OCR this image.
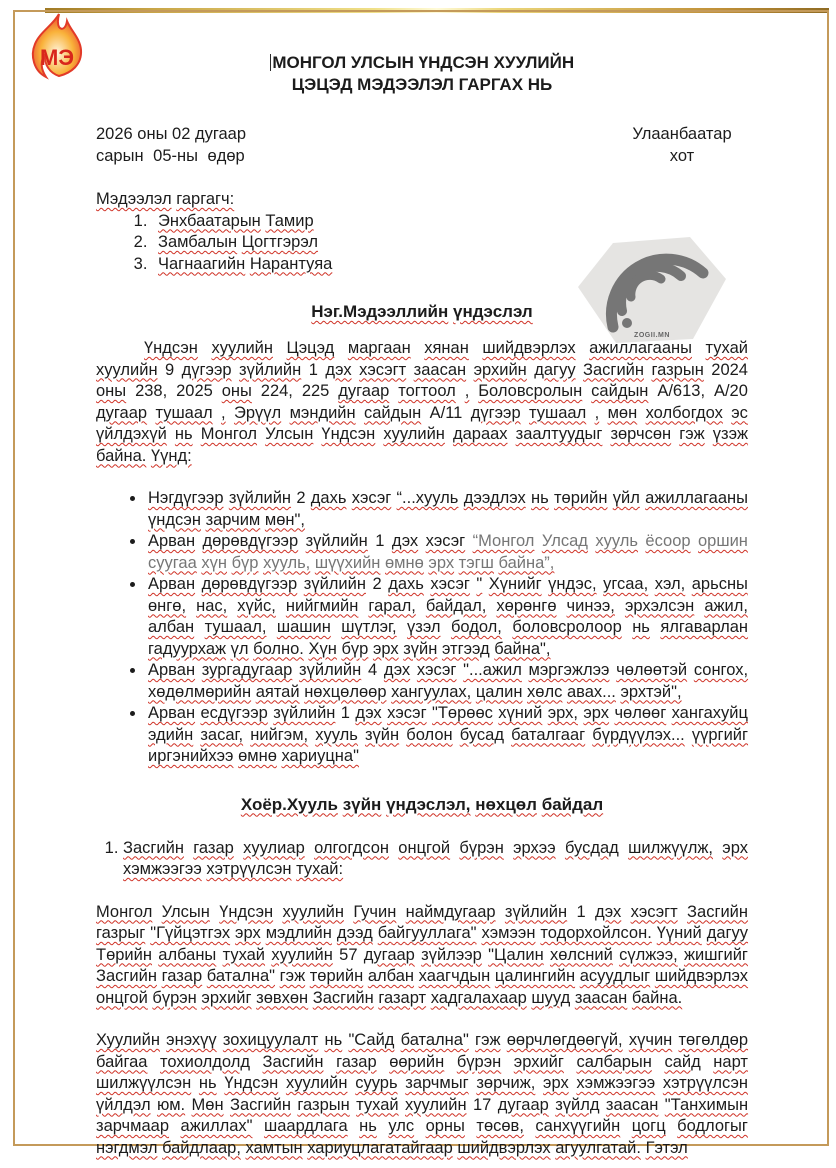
МЭ
ZOGII.MN
МОНГОЛ УЛСЫН ҮНДСЭН ХУУЛИЙН
ЦЭЦЭД МЭДЭЭЛЭЛ ГАРГАХ НЬ
2026 оны 02 дугаар
сарын 05-ны өдөр
Улаанбаатар
хот
Мэдээлэл гаргагч:
1. Энхбаатарын Тамир
2. Замбалын Цогтгэрэл
3. Чагнаагийн Нарантуяа
Нэг.Мэдээллийн үндэслэл

Үндсэн хуулийн Цэцэд маргаан хянан шийдвэрлэх ажиллагааны тухай хуулийн 9 дүгээр зүйлийн 1 дэх хэсэгт заасан эрхийн дагуу Засгийн газрын 2024 оны 238, 2025 оны 224, 225 дугаар тогтоол , Боловсролын сайдын А/613, А/20 дугаар тушаал , Эрүүл мэндийн сайдын А/11 дүгээр тушаал , мөн холбогдох эс үйлдэхүй нь Монгол Улсын Үндсэн хуулийн дараах заалтуудыг зөрчсөн гэж үзэж байна. Үүнд:

• Нэгдүгээр зүйлийн 2 дахь хэсэг “...хууль дээдлэх нь төрийн үйл ажиллагааны үндсэн зарчим мөн",
• Арван дөрөвдүгээр зүйлийн 1 дэх хэсэг “Монгол Улсад хууль ёсоор оршин суугаа хүн бүр хууль, шүүхийн өмнө эрх тэгш байна”,
• Арван дөрөвдүгээр зүйлийн 2 дахь хэсэг " Хүнийг үндэс, угсаа, хэл, арьсны өнгө, нас, хүйс, нийгмийн гарал, байдал, хөрөнгө чинээ, эрхэлсэн ажил, албан тушаал, шашин шүтлэг, үзэл бодол, боловсролоор нь ялгаварлан гадуурхаж үл болно. Хүн бүр эрх зүйн этгээд байна",
• Арван зургадугаар зүйлийн 4 дэх хэсэг "...ажил мэргэжлээ чөлөөтэй сонгох, хөдөлмөрийн аятай нөхцөлөөр хангуулах, цалин хөлс авах... эрхтэй",
• Арван есдүгээр зүйлийн 1 дэх хэсэг "Төрөөс хүний эрх, эрх чөлөөг хангахуйц эдийн засаг, нийгэм, хууль зүйн болон бусад баталгааг бүрдүүлэх... үүргийг иргэнийхээ өмнө хариуцна"
Хоёр.Хууль зүйн үндэслэл, нөхцөл байдал
1. Засгийн газар хуулиар олгогдсон онцгой бүрэн эрхээ бусдад шилжүүлж, эрх хэмжээгээ хэтрүүлсэн тухай:

Монгол Улсын Үндсэн хуулийн Гучин наймдугаар зүйлийн 1 дэх хэсэгт Засгийн газрыг "Гүйцэтгэх эрх мэдлийн дээд байгууллага" хэмээн тодорхойлсон. Үүний дагуу Төрийн албаны тухай хуулийн 57 дугаар зүйлээр "Цалин хөлсний сүлжээ, жишгийг Засгийн газар батална" гэж төрийн албан хаагчдын цалингийн асуудлыг шийдвэрлэх онцгой бүрэн эрхийг зөвхөн Засгийн газарт хадгалахаар шууд заасан байна.

Хуулийн энэхүү зохицуулалт нь "Сайд батална" гэж өөрчлөгдөөгүй, хүчин төгөлдөр байгаа тохиолдолд Засгийн газар өөрийн бүрэн эрхийг салбарын сайд нарт шилжүүлсэн нь Үндсэн хуулийн суурь зарчмыг зөрчиж, эрх хэмжээгээ хэтрүүлсэн үйлдэл юм. Мөн Засгийн газрын тухай хуулийн 17 дугаар зүйлд заасан "Танхимын зарчмаар ажиллах" шаардлага нь улс орны төсөв, санхүүгийн цогц бодлогыг нэгдмэл байдлаар, хамтын хариуцлагатайгаар шийдвэрлэх агуулгатай. Гэтэл
